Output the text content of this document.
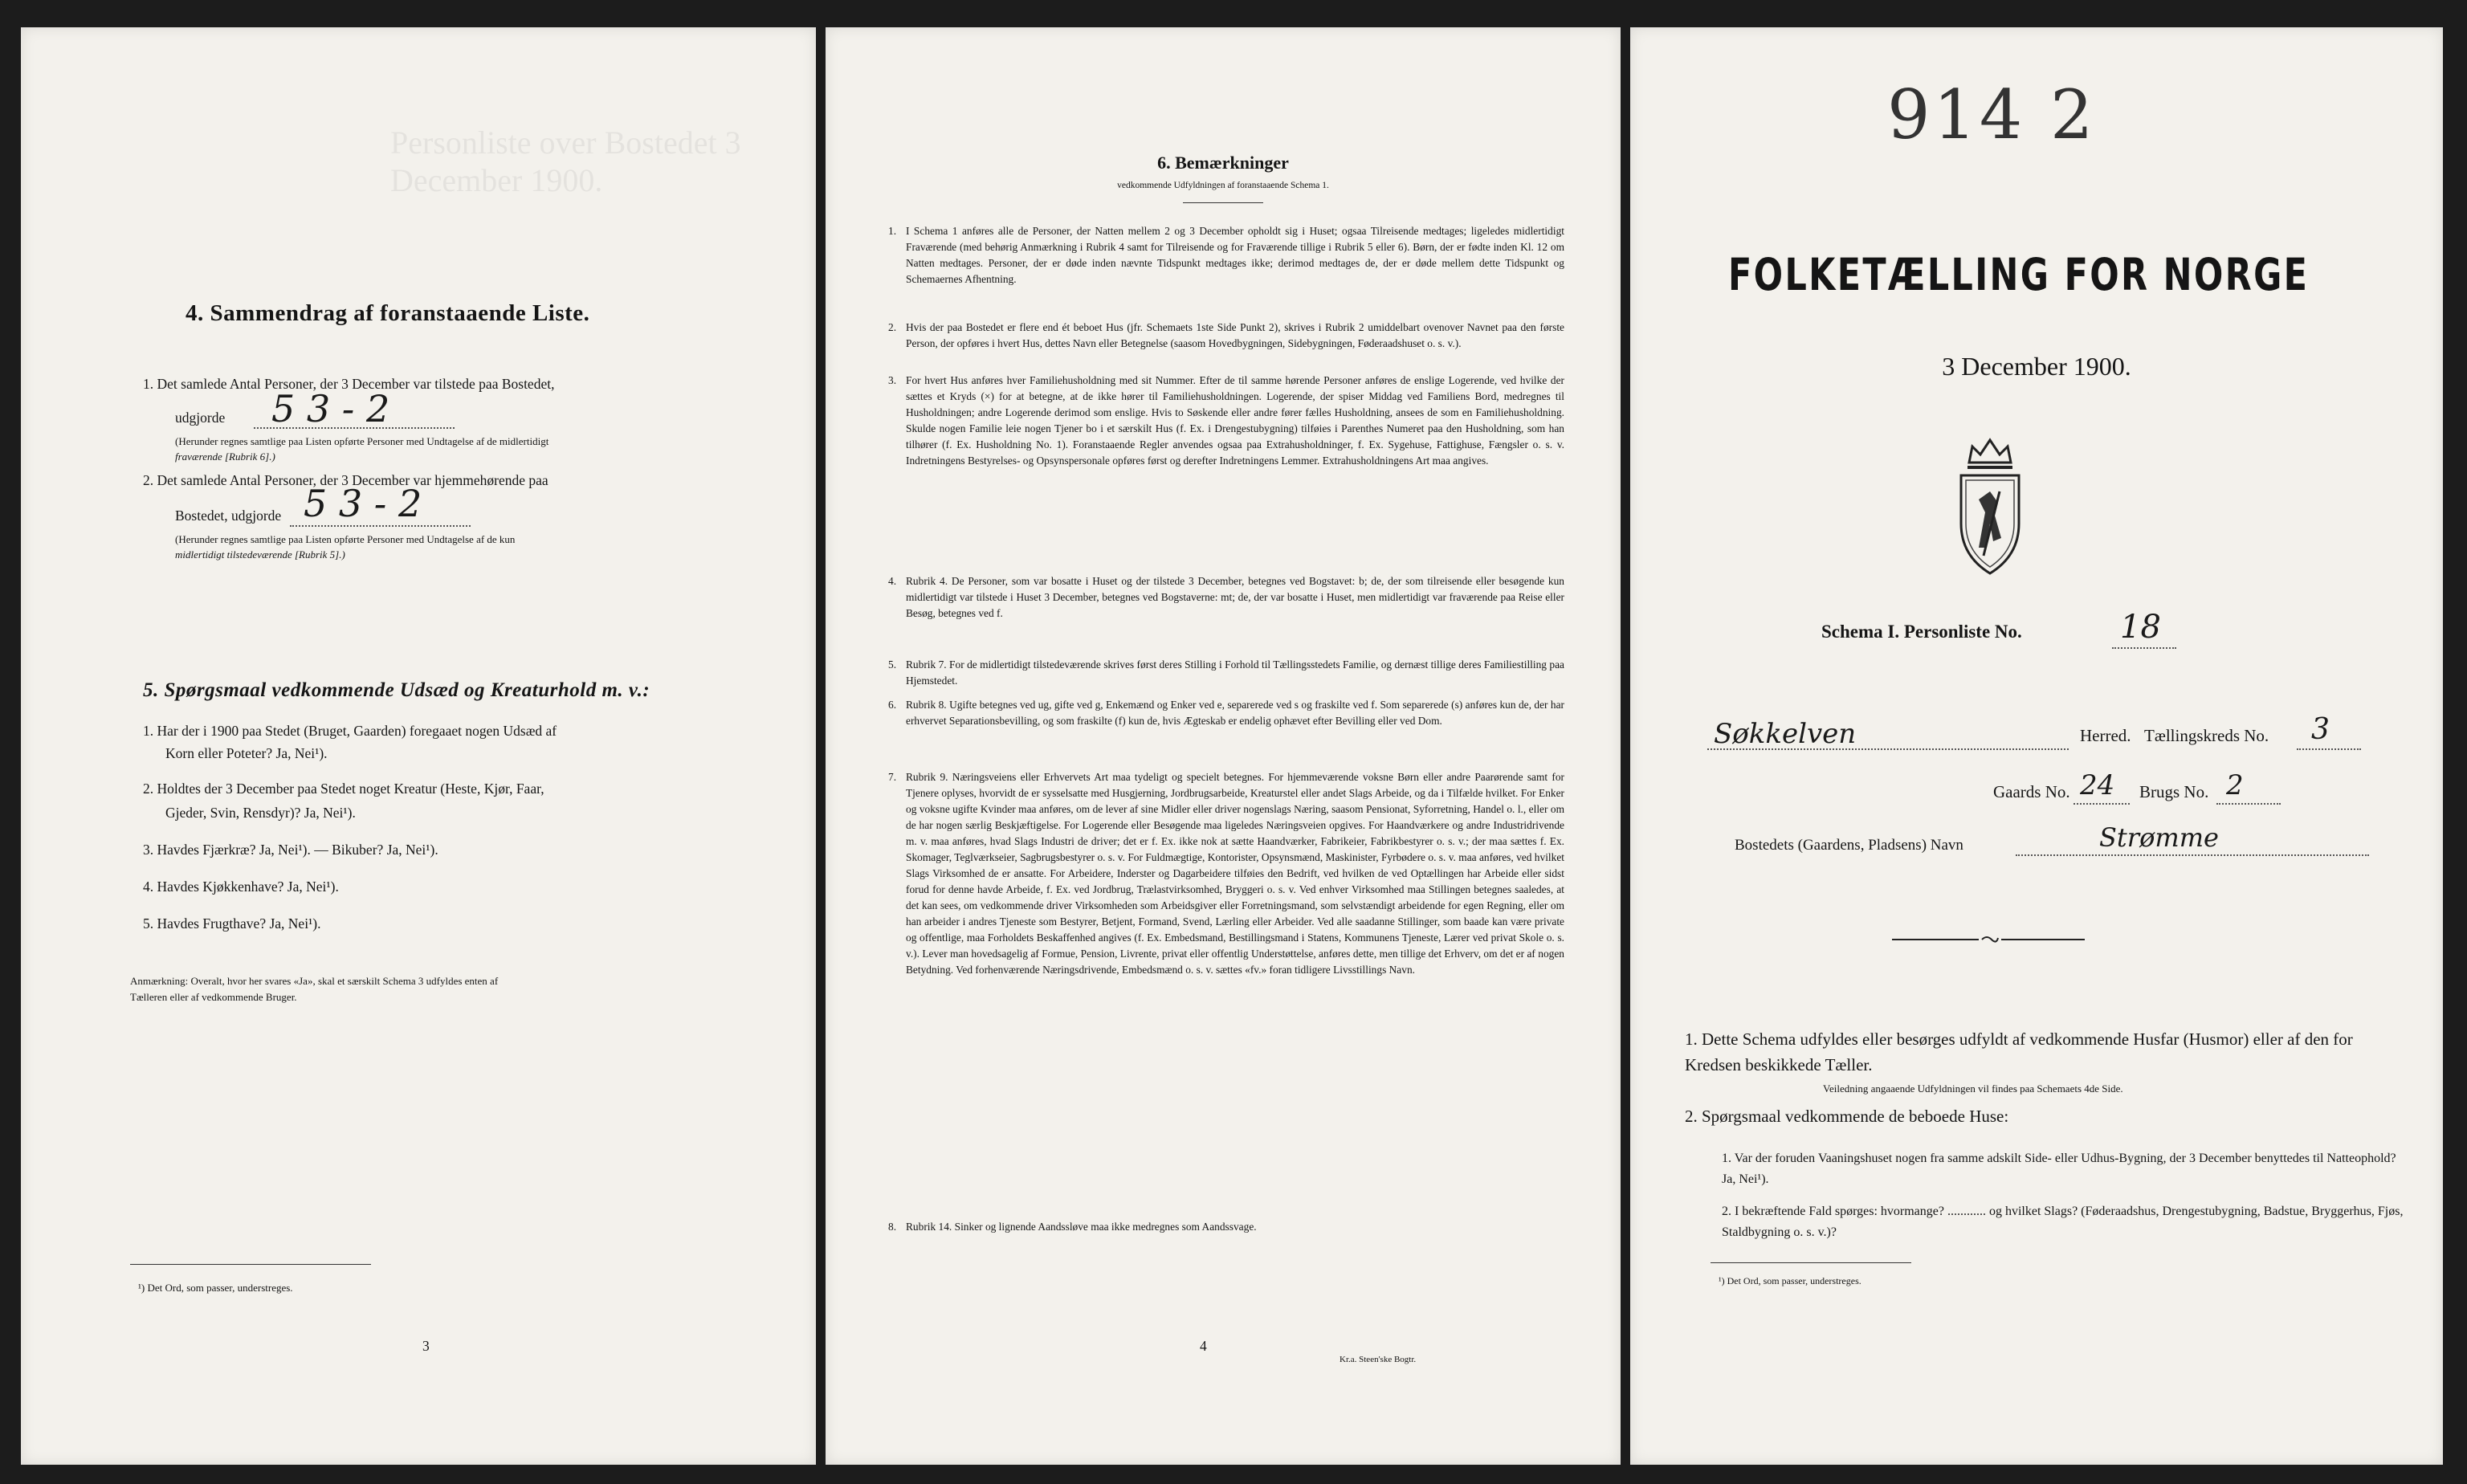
Personliste over Bostedet 3 December 1900.
4. Sammendrag af foranstaaende Liste.
1. Det samlede Antal Personer, der 3 December var tilstede paa Bostedet,
udgjorde 5 3 - 2
(Herunder regnes samtlige paa Listen opførte Personer med Undtagelse af de midlertidigt
fraværende [Rubrik 6].)
2. Det samlede Antal Personer, der 3 December var hjemmehørende paa
Bostedet, udgjorde 5 3 - 2
(Herunder regnes samtlige paa Listen opførte Personer med Undtagelse af de kun
midlertidigt tilstedeværende [Rubrik 5].)
5. Spørgsmaal vedkommende Udsæd og Kreaturhold m. v.:
1. Har der i 1900 paa Stedet (Bruget, Gaarden) foregaaet nogen Udsæd af
Korn eller Poteter? Ja, Nei¹).
2. Holdtes der 3 December paa Stedet noget Kreatur (Heste, Kjør, Faar,
Gjeder, Svin, Rensdyr)? Ja, Nei¹).
3. Havdes Fjærkræ? Ja, Nei¹). — Bikuber? Ja, Nei¹).
4. Havdes Kjøkkenhave? Ja, Nei¹).
5. Havdes Frugthave? Ja, Nei¹).
Anmærkning: Overalt, hvor her svares «Ja», skal et særskilt Schema 3 udfyldes enten af
Tælleren eller af vedkommende Bruger.
¹) Det Ord, som passer, understreges.
3
6. Bemærkninger
vedkommende Udfyldningen af foranstaaende Schema 1.
1. I Schema 1 anføres alle de Personer, der Natten mellem 2 og 3 December opholdt sig i Huset; ogsaa Tilreisende medtages; ligeledes midlertidigt Fraværende (med behørig Anmærkning i Rubrik 4 samt for Tilreisende og for Fraværende tillige i Rubrik 5 eller 6). Børn, der er fødte inden Kl. 12 om Natten medtages. Personer, der er døde inden nævnte Tidspunkt medtages ikke; derimod medtages de, der er døde mellem dette Tidspunkt og Schemaernes Afhentning.
2. Hvis der paa Bostedet er flere end ét beboet Hus (jfr. Schemaets 1ste Side Punkt 2), skrives i Rubrik 2 umiddelbart ovenover Navnet paa den første Person, der opføres i hvert Hus, dettes Navn eller Betegnelse (saasom Hovedbygningen, Sidebygningen, Føderaadshuset o. s. v.).
3. For hvert Hus anføres hver Familiehusholdning med sit Nummer. Efter de til samme hørende Personer anføres de enslige Logerende, ved hvilke der sættes et Kryds (×) for at betegne, at de ikke hører til Familiehusholdningen. Logerende, der spiser Middag ved Familiens Bord, medregnes til Husholdningen; andre Logerende derimod som enslige. Hvis to Søskende eller andre fører fælles Husholdning, ansees de som en Familiehusholdning. Skulde nogen Familie leie nogen Tjener bo i et særskilt Hus (f. Ex. i Drengestubygning) tilføies i Parenthes Numeret paa den Husholdning, som han tilhører (f. Ex. Husholdning No. 1). Foranstaaende Regler anvendes ogsaa paa Extrahusholdninger, f. Ex. Sygehuse, Fattighuse, Fængsler o. s. v. Indretningens Bestyrelses- og Opsynspersonale opføres først og derefter Indretningens Lemmer. Extrahusholdningens Art maa angives.
4. Rubrik 4. De Personer, som var bosatte i Huset og der tilstede 3 December, betegnes ved Bogstavet: b; de, der som tilreisende eller besøgende kun midlertidigt var tilstede i Huset 3 December, betegnes ved Bogstaverne: mt; de, der var bosatte i Huset, men midlertidigt var fraværende paa Reise eller Besøg, betegnes ved f.
5. Rubrik 7. For de midlertidigt tilstedeværende skrives først deres Stilling i Forhold til Tællingsstedets Familie, og dernæst tillige deres Familiestilling paa Hjemstedet.
6. Rubrik 8. Ugifte betegnes ved ug, gifte ved g, Enkemænd og Enker ved e, separerede ved s og fraskilte ved f. Som separerede (s) anføres kun de, der har erhvervet Separationsbevilling, og som fraskilte (f) kun de, hvis Ægteskab er endelig ophævet efter Bevilling eller ved Dom.
7. Rubrik 9. Næringsveiens eller Erhvervets Art maa tydeligt og specielt betegnes. For hjemmeværende voksne Børn eller andre Paarørende samt for Tjenere oplyses, hvorvidt de er sysselsatte med Husgjerning, Jordbrugsarbeide, Kreaturstel eller andet Slags Arbeide, og da i Tilfælde hvilket. For Enker og voksne ugifte Kvinder maa anføres, om de lever af sine Midler eller driver nogenslags Næring, saasom Pensionat, Syforretning, Handel o. l., eller om de har nogen særlig Beskjæftigelse. For Logerende eller Besøgende maa ligeledes Næringsveien opgives. For Haandværkere og andre Industridrivende m. v. maa anføres, hvad Slags Industri de driver; det er f. Ex. ikke nok at sætte Haandværker, Fabrikeier, Fabrikbestyrer o. s. v.; der maa sættes f. Ex. Skomager, Teglværkseier, Sagbrugsbestyrer o. s. v. For Fuldmægtige, Kontorister, Opsynsmænd, Maskinister, Fyrbødere o. s. v. maa anføres, ved hvilket Slags Virksomhed de er ansatte. For Arbeidere, Inderster og Dagarbeidere tilføies den Bedrift, ved hvilken de ved Optællingen har Arbeide eller sidst forud for denne havde Arbeide, f. Ex. ved Jordbrug, Trælastvirksomhed, Bryggeri o. s. v. Ved enhver Virksomhed maa Stillingen betegnes saaledes, at det kan sees, om vedkommende driver Virksomheden som Arbeidsgiver eller Forretningsmand, som selvstændigt arbeidende for egen Regning, eller om han arbeider i andres Tjeneste som Bestyrer, Betjent, Formand, Svend, Lærling eller Arbeider. Ved alle saadanne Stillinger, som baade kan være private og offentlige, maa Forholdets Beskaffenhed angives (f. Ex. Embedsmand, Bestillingsmand i Statens, Kommunens Tjeneste, Lærer ved privat Skole o. s. v.). Lever man hovedsagelig af Formue, Pension, Livrente, privat eller offentlig Understøttelse, anføres dette, men tillige det Erhverv, om det er af nogen Betydning. Ved forhenværende Næringsdrivende, Embedsmænd o. s. v. sættes «fv.» foran tidligere Livsstillings Navn.
8. Rubrik 14. Sinker og lignende Aandssløve maa ikke medregnes som Aandssvage.
4
Kr.a. Steen'ske Bogtr.
914 2
FOLKETÆLLING FOR NORGE
3 December 1900.
Schema I. Personliste No.	18
Søkkelven	Herred. Tællingskreds No. 3
Gaards No. 24 Brugs No. 2
Bostedets (Gaardens, Pladsens) Navn	Strømme
1. Dette Schema udfyldes eller besørges udfyldt af vedkommende Husfar (Husmor) eller af den for Kredsen beskikkede Tæller.
Veiledning angaaende Udfyldningen vil findes paa Schemaets 4de Side.
2. Spørgsmaal vedkommende de beboede Huse:
1. Var der foruden Vaaningshuset nogen fra samme adskilt Side- eller Udhus-Bygning, der 3 December benyttedes til Natteophold? Ja, Nei¹).
2. I bekræftende Fald spørges: hvormange? ............ og hvilket Slags? (Føderaadshus, Drengestubygning, Badstue, Bryggerhus, Fjøs, Staldbygning o. s. v.)?
¹) Det Ord, som passer, understreges.
